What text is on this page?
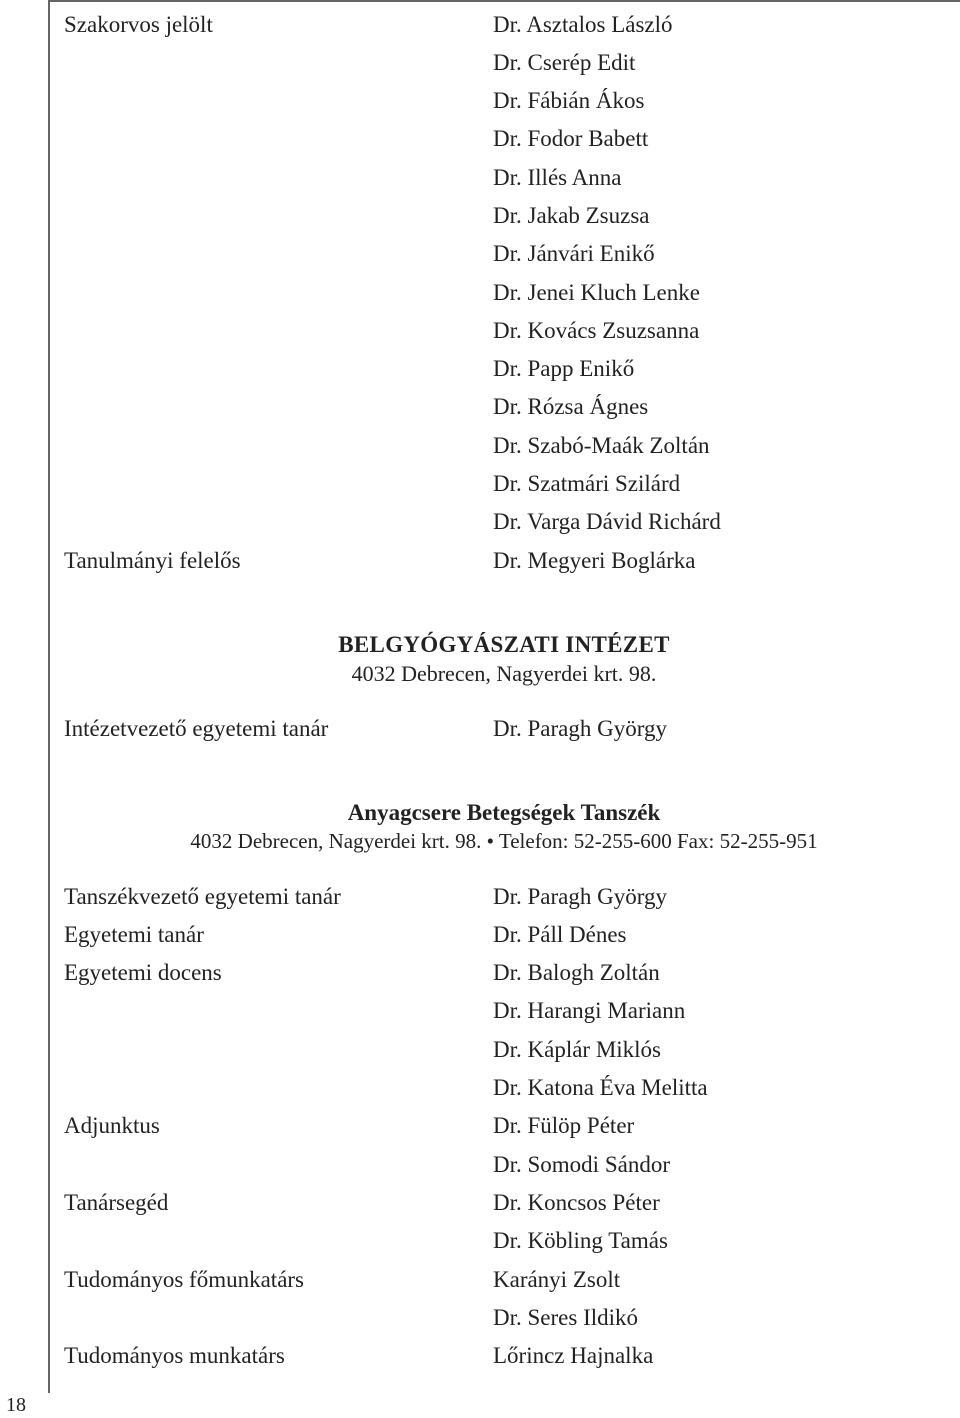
Szakorvos jelölt
Tanulmányi felelős
Dr. Asztalos László
Dr. Cserép Edit
Dr. Fábián Ákos
Dr. Fodor Babett
Dr. Illés Anna
Dr. Jakab Zsuzsa
Dr. Jánvári Enikő
Dr. Jenei Kluch Lenke
Dr. Kovács Zsuzsanna
Dr. Papp Enikő
Dr. Rózsa Ágnes
Dr. Szabó-Maák Zoltán
Dr. Szatmári Szilárd
Dr. Varga Dávid Richárd
Dr. Megyeri Boglárka
BELGYÓGYÁSZATI INTÉZET
4032 Debrecen, Nagyerdei krt. 98.
Intézetvezető egyetemi tanár	Dr. Paragh György
Anyagcsere Betegségek Tanszék
4032 Debrecen, Nagyerdei krt. 98. • Telefon: 52-255-600 Fax: 52-255-951
Tanszékvezető egyetemi tanár
Egyetemi tanár
Egyetemi docens
Adjunktus
Tanársegéd
Tudományos főmunkatárs
Tudományos munkatárs
Dr. Paragh György
Dr. Páll Dénes
Dr. Balogh Zoltán
Dr. Harangi Mariann
Dr. Káplár Miklós
Dr. Katona Éva Melitta
Dr. Fülöp Péter
Dr. Somodi Sándor
Dr. Koncsos Péter
Dr. Köbling Tamás
Karányi Zsolt
Dr. Seres Ildikó
Lőrincz Hajnalka
18
